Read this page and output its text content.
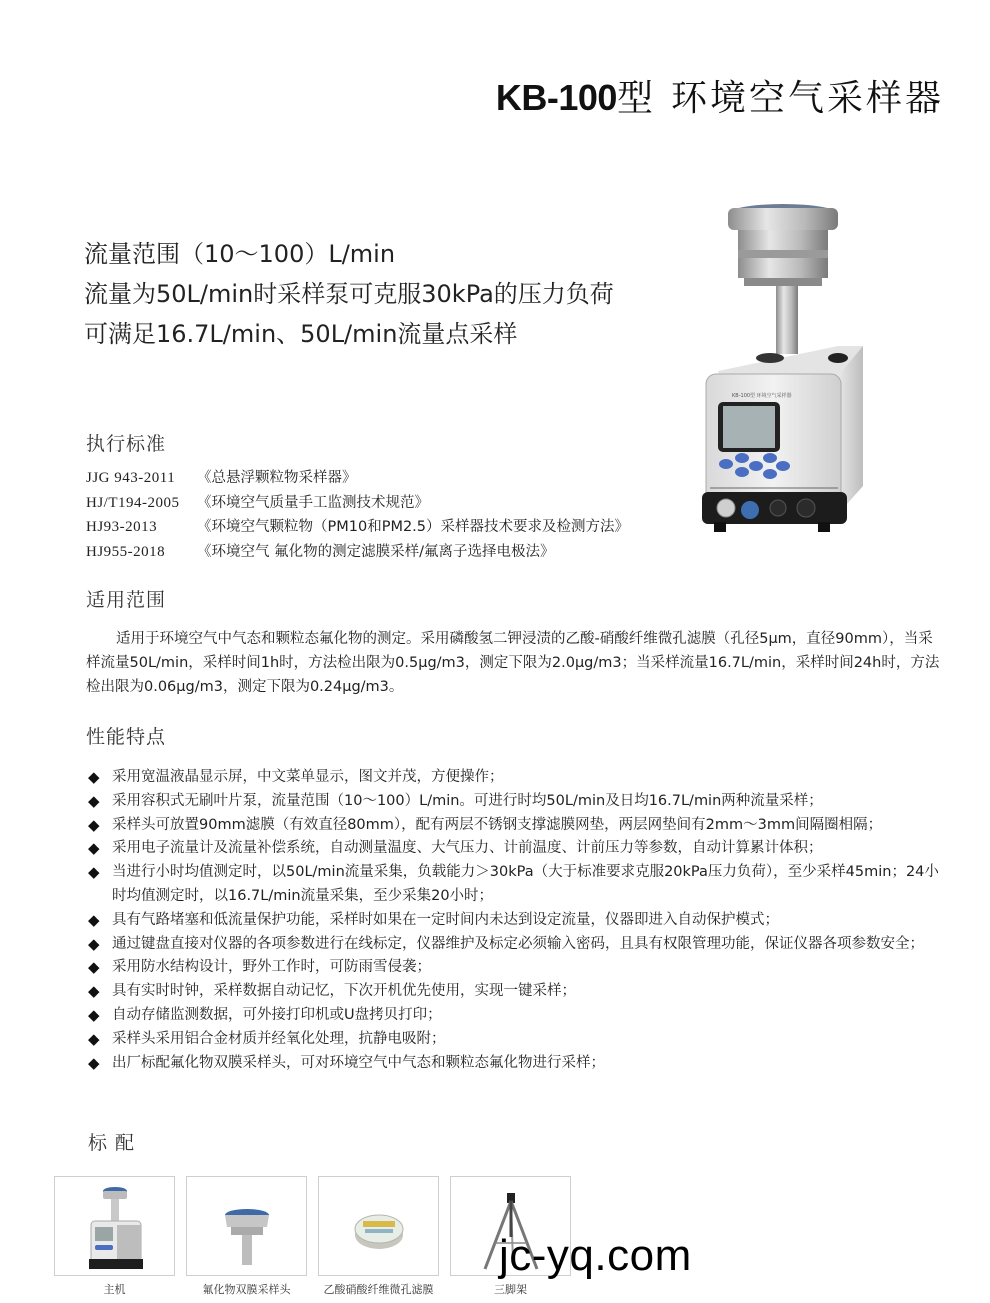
KB-100型 环境空气采样器
流量范围（10～100）L/min
流量为50L/min时采样泵可克服30kPa的压力负荷
可满足16.7L/min、50L/min流量点采样
KB-100型 环境空气采样器
执行标准
JJG 943-2011	《总悬浮颗粒物采样器》
HJ/T194-2005	《环境空气质量手工监测技术规范》
HJ93-2013	《环境空气颗粒物（PM10和PM2.5）采样器技术要求及检测方法》
HJ955-2018	《环境空气 氟化物的测定滤膜采样/氟离子选择电极法》
适用范围

适用于环境空气中气态和颗粒态氟化物的测定。采用磷酸氢二钾浸渍的乙酸-硝酸纤维微孔滤膜（孔径5μm，直径90mm），当采样流量50L/min，采样时间1h时，方法检出限为0.5μg/m3，测定下限为2.0μg/m3；当采样流量16.7L/min，采样时间24h时，方法检出限为0.06μg/m3，测定下限为0.24μg/m3。

性能特点
◆ 采用宽温液晶显示屏，中文菜单显示，图文并茂，方便操作；
◆ 采用容积式无刷叶片泵，流量范围（10～100）L/min。可进行时均50L/min及日均16.7L/min两种流量采样；
◆ 采样头可放置90mm滤膜（有效直径80mm），配有两层不锈钢支撑滤膜网垫，两层网垫间有2mm～3mm间隔圈相隔；
◆ 采用电子流量计及流量补偿系统，自动测量温度、大气压力、计前温度、计前压力等参数，自动计算累计体积；
◆ 当进行小时均值测定时，以50L/min流量采集，负载能力＞30kPa（大于标准要求克服20kPa压力负荷），至少采样45min；24小时均值测定时，以16.7L/min流量采集，至少采集20小时；
◆ 具有气路堵塞和低流量保护功能，采样时如果在一定时间内未达到设定流量，仪器即进入自动保护模式；
◆ 通过键盘直接对仪器的各项参数进行在线标定，仪器维护及标定必须输入密码，且具有权限管理功能，保证仪器各项参数安全；
◆ 采用防水结构设计，野外工作时，可防雨雪侵袭；
◆ 具有实时时钟，采样数据自动记忆，下次开机优先使用，实现一键采样；
◆ 自动存储监测数据，可外接打印机或U盘拷贝打印；
◆ 采样头采用铝合金材质并经氧化处理，抗静电吸附；
◆ 出厂标配氟化物双膜采样头，可对环境空气中气态和颗粒态氟化物进行采样；
标 配
主机	氟化物双膜采样头	乙酸硝酸纤维微孔滤膜	三脚架
jc-yq.com
